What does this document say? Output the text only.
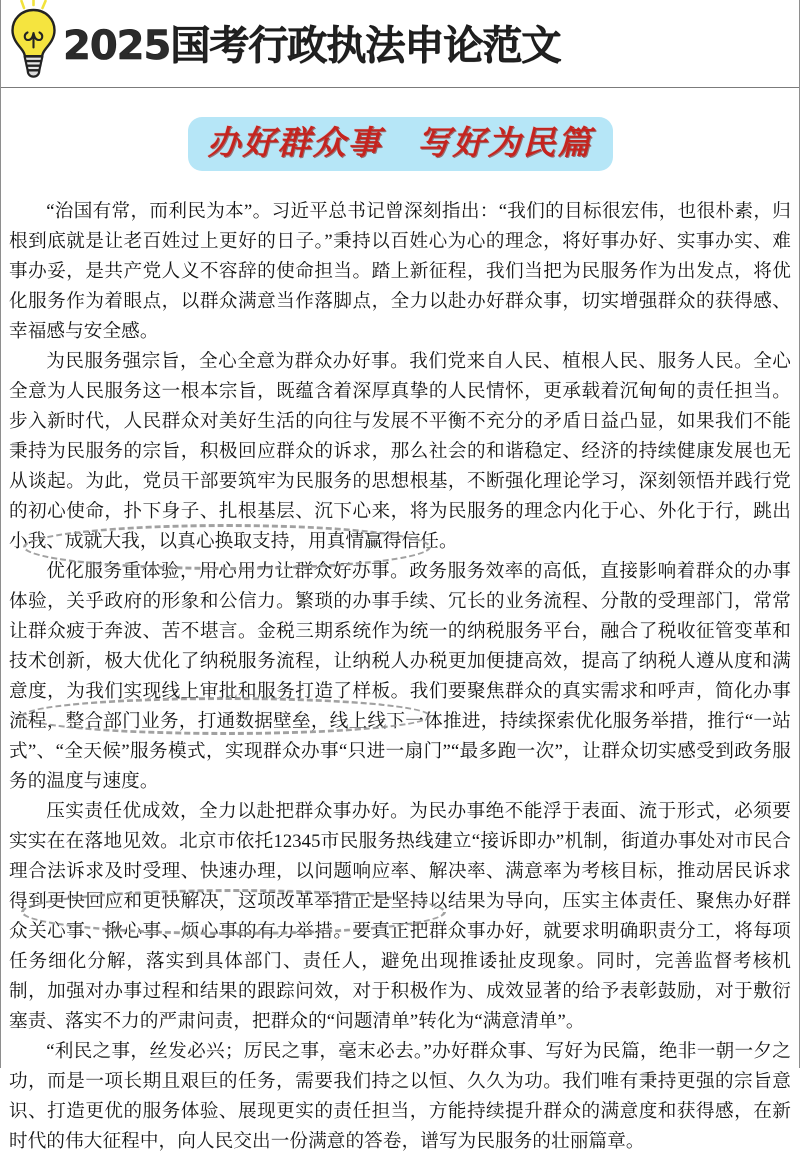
2025国考行政执法申论范文
办好群众事　写好为民篇

“治国有常，而利民为本”。习近平总书记曾深刻指出：“我们的目标很宏伟，也很朴素，归根到底就是让老百姓过上更好的日子。”秉持以百姓心为心的理念，将好事办好、实事办实、难事办妥，是共产党人义不容辞的使命担当。踏上新征程，我们当把为民服务作为出发点，将优化服务作为着眼点，以群众满意当作落脚点，全力以赴办好群众事，切实增强群众的获得感、幸福感与安全感。

为民服务强宗旨，全心全意为群众办好事。我们党来自人民、植根人民、服务人民。全心全意为人民服务这一根本宗旨，既蕴含着深厚真挚的人民情怀，更承载着沉甸甸的责任担当。步入新时代，人民群众对美好生活的向往与发展不平衡不充分的矛盾日益凸显，如果我们不能秉持为民服务的宗旨，积极回应群众的诉求，那么社会的和谐稳定、经济的持续健康发展也无从谈起。为此，党员干部要筑牢为民服务的思想根基，不断强化理论学习，深刻领悟并践行党的初心使命，扑下身子、扎根基层、沉下心来，将为民服务的理念内化于心、外化于行，跳出小我、成就大我，以真心换取支持，用真情赢得信任。

优化服务重体验，用心用力让群众好办事。政务服务效率的高低，直接影响着群众的办事体验，关乎政府的形象和公信力。繁琐的办事手续、冗长的业务流程、分散的受理部门，常常让群众疲于奔波、苦不堪言。金税三期系统作为统一的纳税服务平台，融合了税收征管变革和技术创新，极大优化了纳税服务流程，让纳税人办税更加便捷高效，提高了纳税人遵从度和满意度，为我们实现线上审批和服务打造了样板。我们要聚焦群众的真实需求和呼声，简化办事流程，整合部门业务，打通数据壁垒，线上线下一体推进，持续探索优化服务举措，推行“一站式”、“全天候”服务模式，实现群众办事“只进一扇门”“最多跑一次”，让群众切实感受到政务服务的温度与速度。

压实责任优成效，全力以赴把群众事办好。为民办事绝不能浮于表面、流于形式，必须要实实在在落地见效。北京市依托12345市民服务热线建立“接诉即办”机制，街道办事处对市民合理合法诉求及时受理、快速办理，以问题响应率、解决率、满意率为考核目标，推动居民诉求得到更快回应和更快解决，这项改革举措正是坚持以结果为导向，压实主体责任、聚焦办好群众关心事、揪心事、烦心事的有力举措。要真正把群众事办好，就要求明确职责分工，将每项任务细化分解，落实到具体部门、责任人，避免出现推诿扯皮现象。同时，完善监督考核机制，加强对办事过程和结果的跟踪问效，对于积极作为、成效显著的给予表彰鼓励，对于敷衍塞责、落实不力的严肃问责，把群众的“问题清单”转化为“满意清单”。

“利民之事，丝发必兴；厉民之事，毫末必去。”办好群众事、写好为民篇，绝非一朝一夕之功，而是一项长期且艰巨的任务，需要我们持之以恒、久久为功。我们唯有秉持更强的宗旨意识、打造更优的服务体验、展现更实的责任担当，方能持续提升群众的满意度和获得感，在新时代的伟大征程中，向人民交出一份满意的答卷，谱写为民服务的壮丽篇章。
